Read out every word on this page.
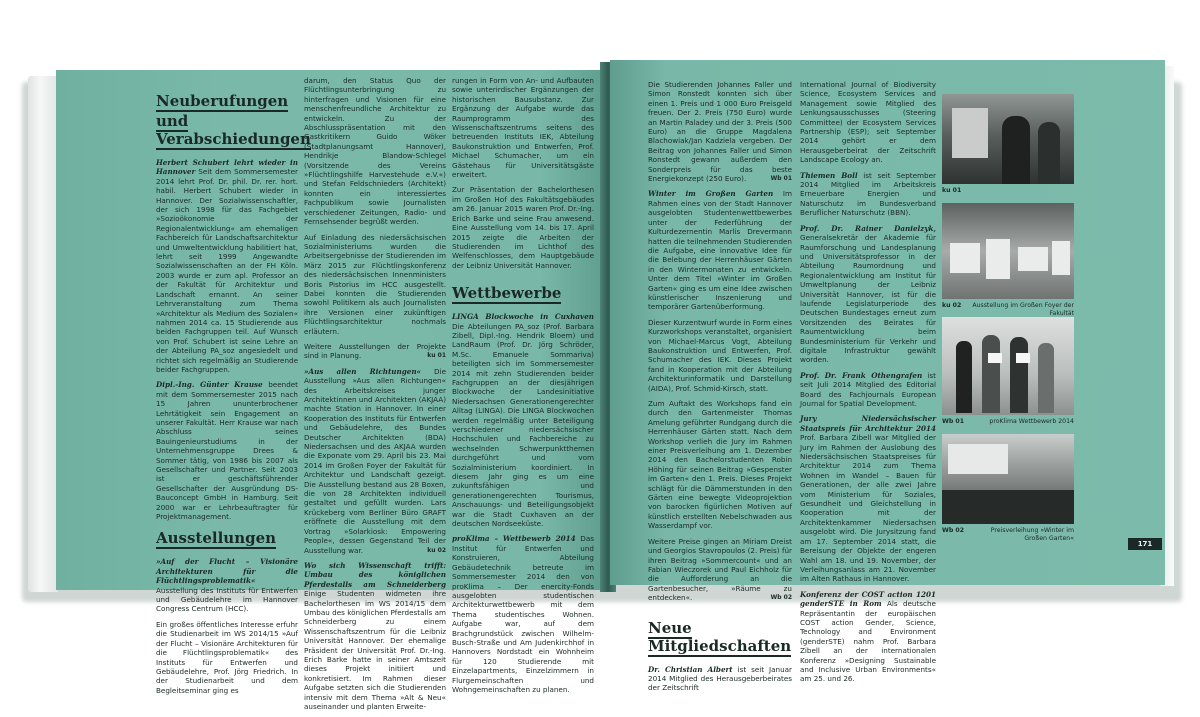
Neuberufungen
und Verabschiedungen

Herbert Schubert lehrt wieder in Hannover Seit dem Sommersemester 2014 lehrt Prof. Dr. phil. Dr. rer. hort. habil. Herbert Schubert wieder in Hannover. Der Sozialwissenschaftler, der sich 1998 für das Fachgebiet »Sozioökonomie der Regionalentwicklung« am ehemaligen Fachbereich für Landschaftsarchitektur und Umweltentwicklung habilitiert hat, lehrt seit 1999 Angewandte Sozialwissenschaften an der FH Köln. 2003 wurde er zum apl. Professor an der Fakultät für Architektur und Landschaft ernannt. An seiner Lehrveranstaltung zum Thema »Architektur als Medium des Sozialen« nahmen 2014 ca. 15 Studierende aus beiden Fachgruppen teil. Auf Wunsch von Prof. Schubert ist seine Lehre an der Abteilung PA_soz angesiedelt und richtet sich regelmäßig an Studierende beider Fachgruppen.

Dipl.-Ing. Günter Krause beendet mit dem Sommersemester 2015 nach 15 Jahren ununterbrochener Lehrtätigkeit sein Engagement an unserer Fakultät. Herr Krause war nach Abschluss seines Bauingenieurstudiums in der Unternehmensgruppe Drees & Sommer tätig, von 1986 bis 2007 als Gesellschafter und Partner. Seit 2003 ist er geschäftsführender Gesellschafter der Ausgründung DS-Bauconcept GmbH in Hamburg. Seit 2000 war er Lehrbeauftragter für Projektmanagement.

Ausstellungen

»Auf der Flucht – Visionäre Architekturen für die Flüchtlingsproblematik« Ausstellung des Instituts für Entwerfen und Gebäudelehre im Hannover Congress Centrum (HCC).

Ein großes öffentliches Interesse erfuhr die Studienarbeit im WS 2014/15 »Auf der Flucht – Visionäre Architekturen für die Flüchtlingsproblematik« des Instituts für Entwerfen und Gebäudelehre, Prof. Jörg Friedrich. In der Studienarbeit und dem Begleitseminar ging es

darum, den Status Quo der Flüchtlingsunterbringung zu hinterfragen und Visionen für eine menschenfreundliche Architektur zu entwickeln. Zu der Abschlusspräsentation mit den Gastkritikern Guido Wöker (Stadtplanungsamt Hannover), Hendrikje Blandow-Schlegel (Vorsitzende des Vereins »Flüchtlingshilfe Harvestehude e.V.«) und Stefan Feldschnieders (Architekt) konnten ein interessiertes Fachpublikum sowie Journalisten verschiedener Zeitungen, Radio- und Fernsehsender begrüßt werden.

Auf Einladung des niedersächsischen Sozialministeriums wurden die Arbeitsergebnisse der Studierenden im März 2015 zur Flüchtlingskonferenz des niedersächsischen Innenministers Boris Pistorius im HCC ausgestellt. Dabei konnten die Studierenden sowohl Politikern als auch Journalisten ihre Versionen einer zukünftigen Flüchtlingsarchitektur nochmals erläutern.

Weitere Ausstellungen der Projekte sind in Planung.	ku 01

»Aus allen Richtungen« Die Ausstellung »Aus allen Richtungen« des Arbeitskreises junger Architektinnen und Architekten (AKJAA) machte Station in Hannover. In einer Kooperation des Instituts für Entwerfen und Gebäudelehre, des Bundes Deutscher Architekten (BDA) Niedersachsen und des AKJAA wurden die Exponate vom 29. April bis 23. Mai 2014 im Großen Foyer der Fakultät für Architektur und Landschaft gezeigt. Die Ausstellung bestand aus 28 Boxen, die von 28 Architekten individuell gestaltet und gefüllt wurden. Lars Krückeberg vom Berliner Büro GRAFT eröffnete die Ausstellung mit dem Vortrag »Solarkiosk: Empowering People«, dessen Gegenstand Teil der Ausstellung war.	ku 02

Wo sich Wissenschaft trifft: Umbau des königlichen Pferdestalls am Schneiderberg Einige Studenten widmeten ihre Bachelorthesen im WS 2014/15 dem Umbau des königlichen Pferdestalls am Schneiderberg zu einem Wissenschaftszentrum für die Leibniz Universität Hannover. Der ehemalige Präsident der Universität Prof. Dr.-Ing. Erich Barke hatte in seiner Amtszeit dieses Projekt initiiert und konkretisiert. Im Rahmen dieser Aufgabe setzten sich die Studierenden intensiv mit dem Thema »Alt & Neu« auseinander und planten Erweite-

rungen in Form von An- und Aufbauten sowie unterirdischer Ergänzungen der historischen Bausubstanz. Zur Ergänzung der Aufgabe wurde das Raumprogramm des Wissenschaftszentrums seitens des betreuenden Instituts IEK, Abteilung Baukonstruktion und Entwerfen, Prof. Michael Schumacher, um ein Gästehaus für Universitätsgäste erweitert.

Zur Präsentation der Bachelorthesen im Großen Hof des Fakultätsgebäudes am 26. Januar 2015 waren Prof. Dr.-Ing. Erich Barke und seine Frau anwesend. Eine Ausstellung vom 14. bis 17. April 2015 zeigte die Arbeiten der Studierenden im Lichthof des Welfenschlosses, dem Hauptgebäude der Leibniz Universität Hannover.

Wettbewerbe

LINGA Blockwoche in Cuxhaven Die Abteilungen PA_soz (Prof. Barbara Zibell, Dipl.-Ing. Hendrik Bloem) und LandRaum (Prof. Dr. Jörg Schröder, M.Sc. Emanuele Sommariva) beteiligten sich im Sommersemester 2014 mit zehn Studierenden beider Fachgruppen an der diesjährigen Blockwoche der Landesinitiative Niedersachsen Generationengerechter Alltag (LINGA). Die LINGA Blockwochen werden regelmäßig unter Beteiligung verschiedener niedersächsischer Hochschulen und Fachbereiche zu wechselnden Schwerpunktthemen durchgeführt und vom Sozialministerium koordiniert. In diesem Jahr ging es um eine zukunftsfähigen und generationengerechten Tourismus, Anschauungs- und Beteiligungsobjekt war die Stadt Cuxhaven an der deutschen Nordseeküste.

proKlima – Wettbewerb 2014 Das Institut für Entwerfen und Konstruieren, Abteilung Gebäudetechnik betreute im Sommersemester 2014 den von proKlima – Der enercity-Fonds ausgelobten studentischen Architekturwettbewerb mit dem Thema studentisches Wohnen. Aufgabe war, auf dem Brachgrundstück zwischen Wilhelm-Busch-Straße und Am Judenkirchhof in Hannovers Nordstadt ein Wohnheim für 120 Studierende mit Einzelapartments, Einzelzimmern in Flurgemeinschaften und Wohngemeinschaften zu planen.

Die Studierenden Johannes Faller und Simon Ronstedt konnten sich über einen 1. Preis und 1 000 Euro Preisgeld freuen. Der 2. Preis (750 Euro) wurde an Martin Paladey und der 3. Preis (500 Euro) an die Gruppe Magdalena Blachowiak/Jan Kadziela vergeben. Der Beitrag von Johannes Faller und Simon Ronstedt gewann außerdem den Sonderpreis für das beste Energiekonzept (250 Euro).	Wb 01

Winter im Großen Garten Im Rahmen eines von der Stadt Hannover ausgelobten Studentenwettbewerbes unter der Federführung der Kulturdezernentin Marlis Drevermann hatten die teilnehmenden Studierenden die Aufgabe, eine innovative Idee für die Belebung der Herrenhäuser Gärten in den Wintermonaten zu entwickeln. Unter dem Titel »Winter im Großen Garten« ging es um eine Idee zwischen künstlerischer Inszenierung und temporärer Gartenüberformung.

Dieser Kurzentwurf wurde in Form eines Kurzworkshops veranstaltet, organisiert von Michael-Marcus Vogt, Abteilung Baukonstruktion und Entwerfen, Prof. Schumacher des IEK. Dieses Projekt fand in Kooperation mit der Abteilung Architekturinformatik und Darstellung (AIDA), Prof. Schmid-Kirsch, statt.

Zum Auftakt des Workshops fand ein durch den Gartenmeister Thomas Amelung geführter Rundgang durch die Herrenhäuser Gärten statt. Nach dem Workshop verlieh die Jury im Rahmen einer Preisverleihung am 1. Dezember 2014 den Bachelorstudenten Robin Höhing für seinen Beitrag »Gespenster im Garten« den 1. Preis. Dieses Projekt schlägt für die Dämmerstunden in den Gärten eine bewegte Videoprojektion von barocken figürlichen Motiven auf künstlich erstellten Nebelschwaden aus Wasserdampf vor.

Weitere Preise gingen an Miriam Dreist und Georgios Stavropoulos (2. Preis) für ihren Beitrag »Sommercount« und an Fabian Wieczorek und Paul Eichholz für die Aufforderung an die Gartenbesucher, »Räume zu entdecken«.	Wb 02

Neue Mitgliedschaften

Dr. Christian Albert ist seit Januar 2014 Mitglied des Herausgeberbeirates der Zeitschrift

International Journal of Biodiversity Science, Ecosystem Services and Management sowie Mitglied des Lenkungsausschusses (Steering Committee) der Ecosystem Services Partnership (ESP); seit September 2014 gehört er dem Herausgeberbeirat der Zeitschrift Landscape Ecology an.

Thiemen Boll ist seit September 2014 Mitglied im Arbeitskreis Erneuerbare Energien und Naturschutz im Bundesverband Beruflicher Naturschutz (BBN).

Prof. Dr. Rainer Danielzyk, Generalsekretär der Akademie für Raumforschung und Landesplanung und Universitätsprofessor in der Abteilung Raumordnung und Regionalentwicklung am Institut für Umweltplanung der Leibniz Universität Hannover, ist für die laufende Legislaturperiode des Deutschen Bundestages erneut zum Vorsitzenden des Beirates für Raumentwicklung beim Bundesministerium für Verkehr und digitale Infrastruktur gewählt worden.

Prof. Dr. Frank Othengrafen ist seit Juli 2014 Mitglied des Editorial Board des Fachjournals European Journal for Spatial Development.

Jury Niedersächsischer Staatspreis für Architektur 2014 Prof. Barbara Zibell war Mitglied der Jury im Rahmen der Auslobung des Niedersächsischen Staatspreises für Architektur 2014 zum Thema Wohnen im Wandel – Bauen für Generationen, der alle zwei Jahre vom Ministerium für Soziales, Gesundheit und Gleichstellung in Kooperation mit der Architektenkammer Niedersachsen ausgelobt wird. Die Jurysitzung fand am 17. September 2014 statt, die Bereisung der Objekte der engeren Wahl am 18. und 19. November, der Verleihungsanlass am 21. November im Alten Rathaus in Hannover.

Konferenz der COST action 1201 genderSTE in Rom Als deutsche Repräsentantin der europäischen COST action Gender, Science, Technology and Environment (genderSTE) nahm Prof. Barbara Zibell an der internationalen Konferenz »Designing Sustainable and Inclusive Urban Environments« am 25. und 26.

ku 01
ku 02	Ausstellung im Großen Foyer der Fakultät
Wb 01	proKlima Wettbewerb 2014
Wb 02	Preisverleihung »Winter im
Großen Garten«
171
